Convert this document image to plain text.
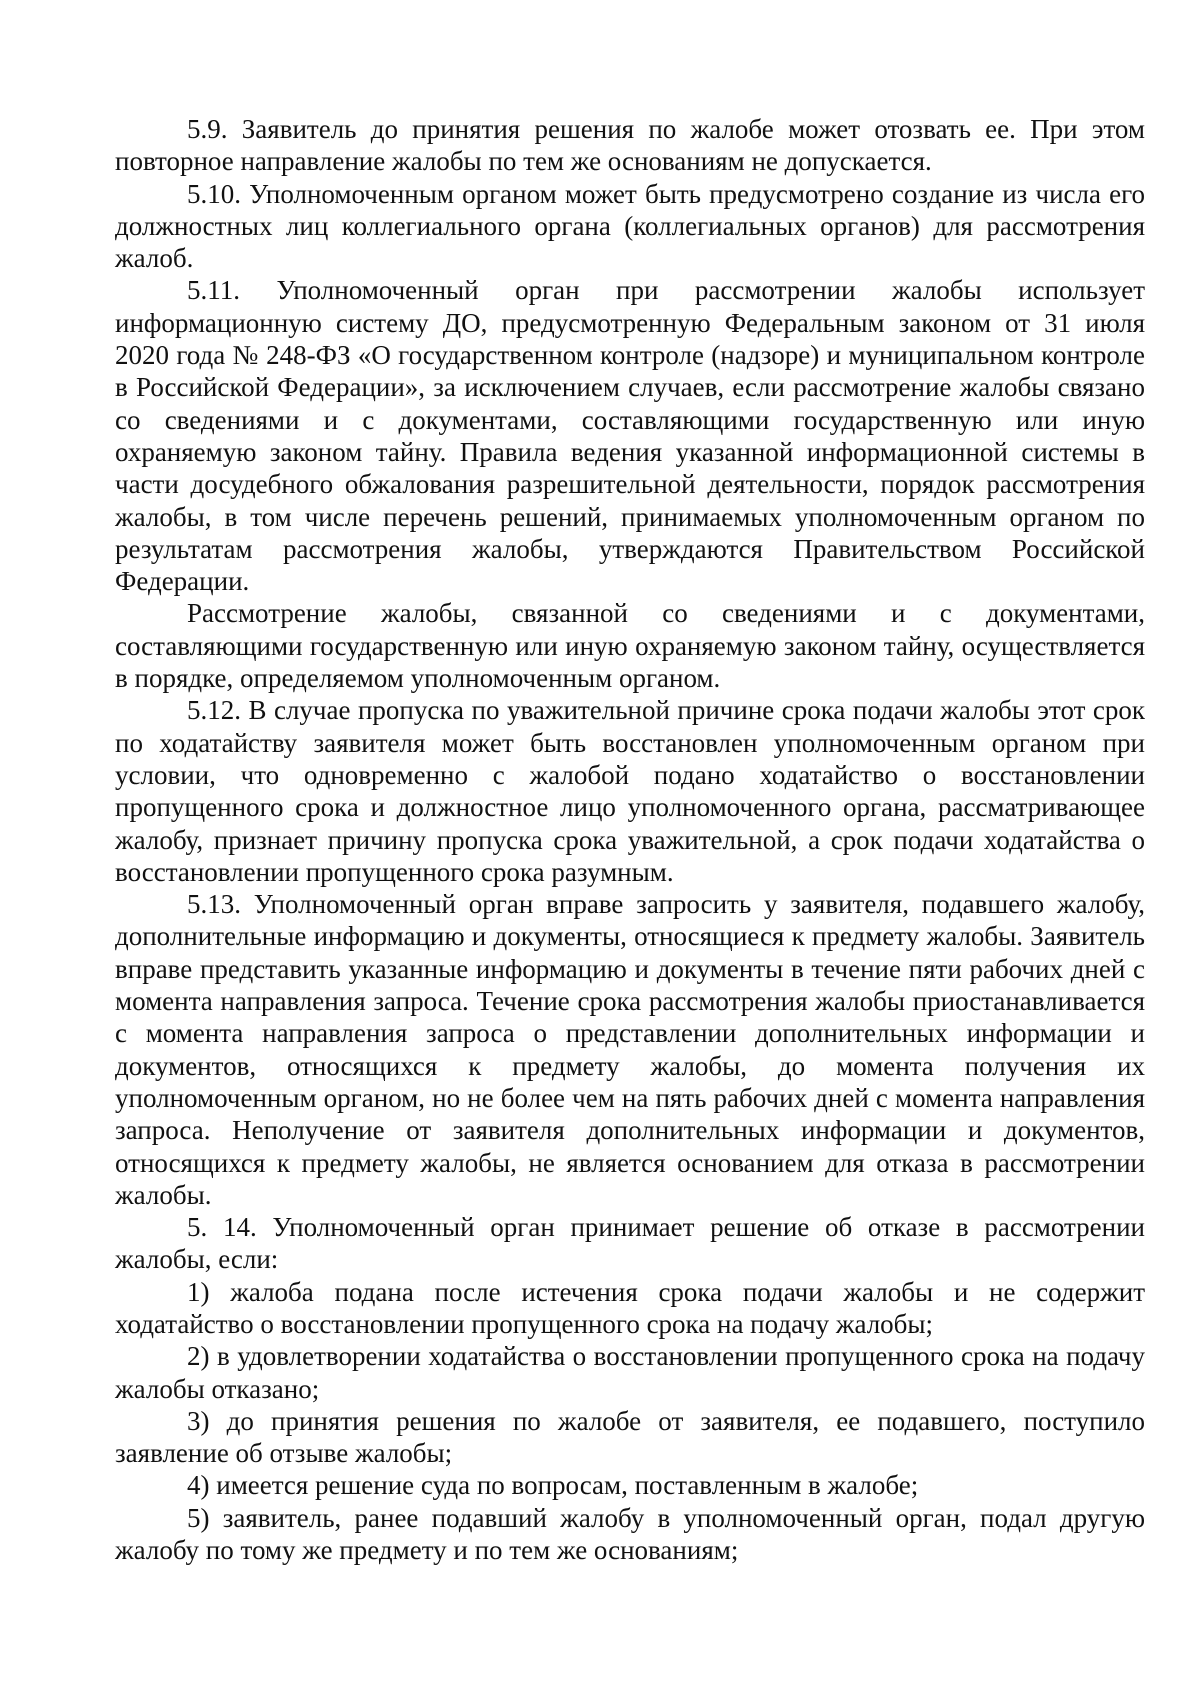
5.9. Заявитель до принятия решения по жалобе может отозвать ее. При этом повторное направление жалобы по тем же основаниям не допускается.

5.10. Уполномоченным органом может быть предусмотрено создание из числа его должностных лиц коллегиального органа (коллегиальных органов) для рассмотрения жалоб.

5.11. Уполномоченный орган при рассмотрении жалобы использует информационную систему ДО, предусмотренную Федеральным законом от 31 июля 2020 года № 248-ФЗ «О государственном контроле (надзоре) и муниципальном контроле в Российской Федерации», за исключением случаев, если рассмотрение жалобы связано со сведениями и с документами, составляющими государственную или иную охраняемую законом тайну. Правила ведения указанной информационной системы в части досудебного обжалования разрешительной деятельности, порядок рассмотрения жалобы, в том числе перечень решений, принимаемых уполномоченным органом по результатам рассмотрения жалобы, утверждаются Правительством Российской Федерации.

Рассмотрение жалобы, связанной со сведениями и с документами, составляющими государственную или иную охраняемую законом тайну, осуществляется в порядке, определяемом уполномоченным органом.

5.12. В случае пропуска по уважительной причине срока подачи жалобы этот срок по ходатайству заявителя может быть восстановлен уполномоченным органом при условии, что одновременно с жалобой подано ходатайство о восстановлении пропущенного срока и должностное лицо уполномоченного органа, рассматривающее жалобу, признает причину пропуска срока уважительной, а срок подачи ходатайства о восстановлении пропущенного срока разумным.

5.13. Уполномоченный орган вправе запросить у заявителя, подавшего жалобу, дополнительные информацию и документы, относящиеся к предмету жалобы. Заявитель вправе представить указанные информацию и документы в течение пяти рабочих дней с момента направления запроса. Течение срока рассмотрения жалобы приостанавливается с момента направления запроса о представлении дополнительных информации и документов, относящихся к предмету жалобы, до момента получения их уполномоченным органом, но не более чем на пять рабочих дней с момента направления запроса. Неполучение от заявителя дополнительных информации и документов, относящихся к предмету жалобы, не является основанием для отказа в рассмотрении жалобы.

5. 14. Уполномоченный орган принимает решение об отказе в рассмотрении жалобы, если:

1) жалоба подана после истечения срока подачи жалобы и не содержит ходатайство о восстановлении пропущенного срока на подачу жалобы;

2) в удовлетворении ходатайства о восстановлении пропущенного срока на подачу жалобы отказано;

3) до принятия решения по жалобе от заявителя, ее подавшего, поступило заявление об отзыве жалобы;

4) имеется решение суда по вопросам, поставленным в жалобе;

5) заявитель, ранее подавший жалобу в уполномоченный орган, подал другую жалобу по тому же предмету и по тем же основаниям;
